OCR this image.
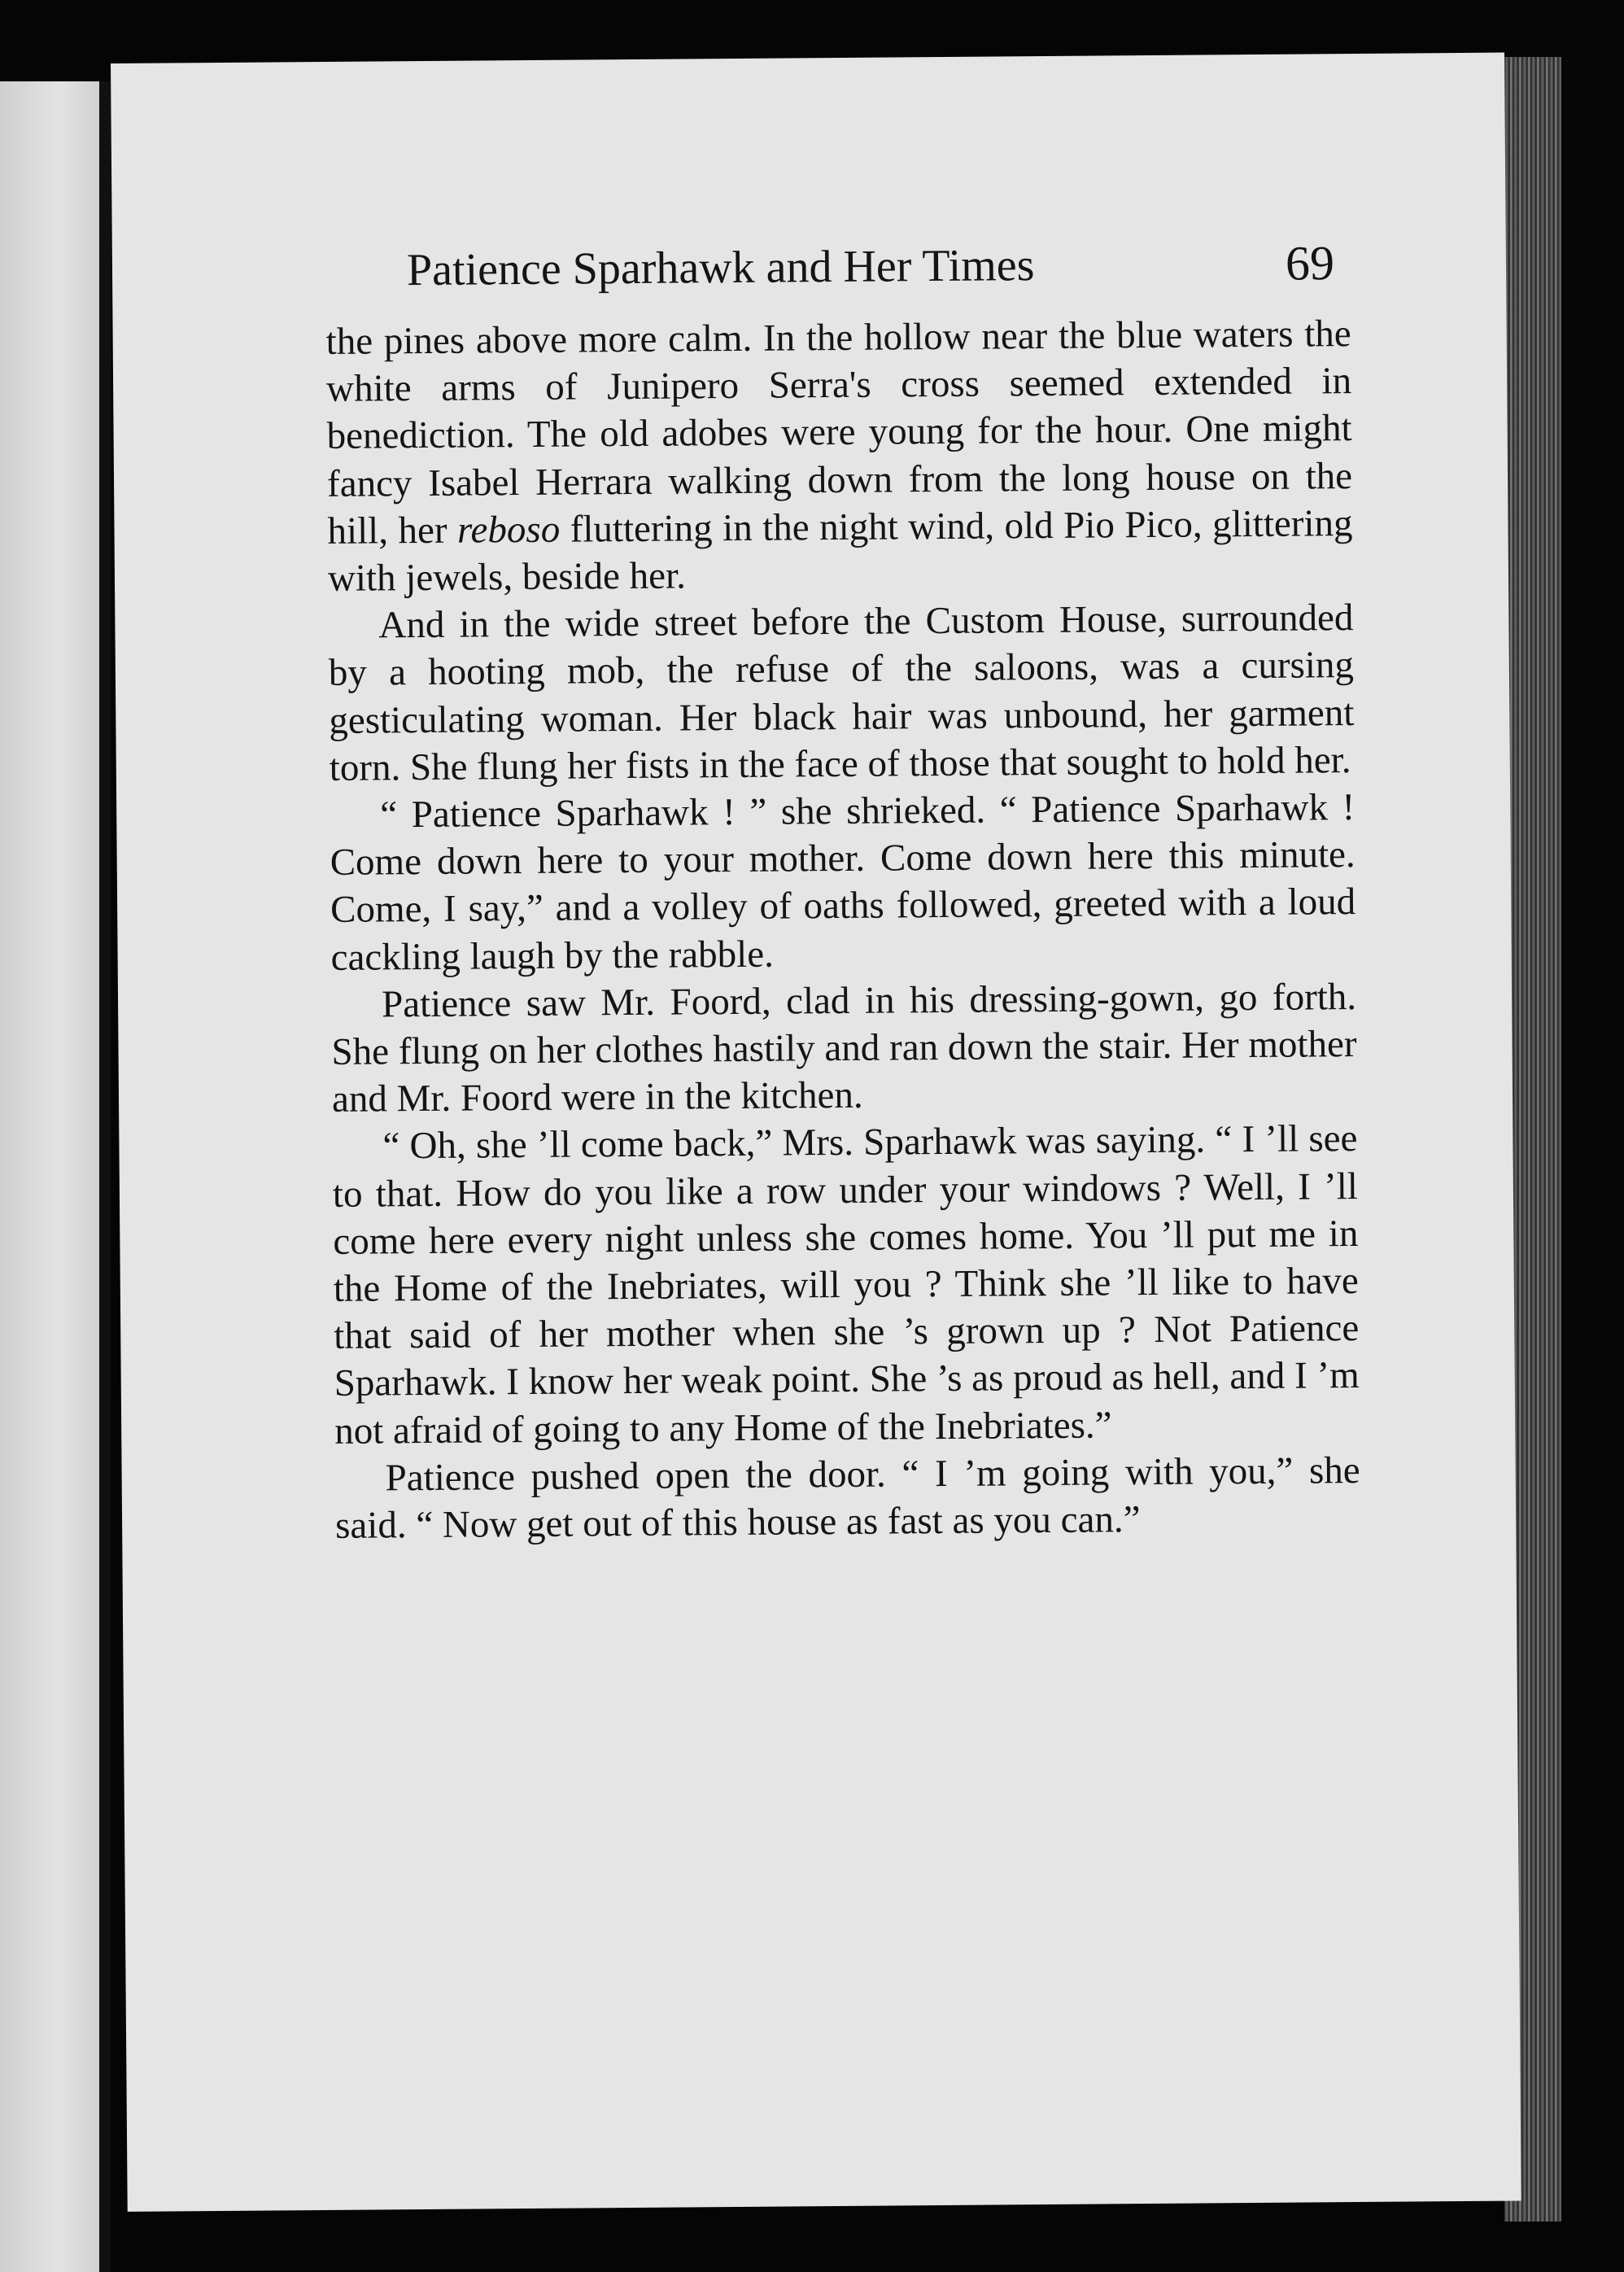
Patience Sparhawk and Her Times	69

the pines above more calm. In the hollow near the blue waters the white arms of Junipero Serra's cross seemed extended in benediction. The old adobes were young for the hour. One might fancy Isabel Herrara walking down from the long house on the hill, her reboso fluttering in the night wind, old Pio Pico, glittering with jewels, beside her.

And in the wide street before the Custom House, surrounded by a hooting mob, the refuse of the saloons, was a cursing gesticulating woman. Her black hair was unbound, her garment torn. She flung her fists in the face of those that sought to hold her.

“ Patience Sparhawk ! ” she shrieked. “ Patience Sparhawk ! Come down here to your mother. Come down here this minute. Come, I say,” and a volley of oaths followed, greeted with a loud cackling laugh by the rabble.

Patience saw Mr. Foord, clad in his dressing-gown, go forth. She flung on her clothes hastily and ran down the stair. Her mother and Mr. Foord were in the kitchen.

“ Oh, she ’ll come back,” Mrs. Sparhawk was saying. “ I ’ll see to that. How do you like a row under your windows ? Well, I ’ll come here every night unless she comes home. You ’ll put me in the Home of the Inebriates, will you ? Think she ’ll like to have that said of her mother when she ’s grown up ? Not Patience Sparhawk. I know her weak point. She ’s as proud as hell, and I ’m not afraid of going to any Home of the Inebriates.”

Patience pushed open the door. “ I ’m going with you,” she said. “ Now get out of this house as fast as you can.”
